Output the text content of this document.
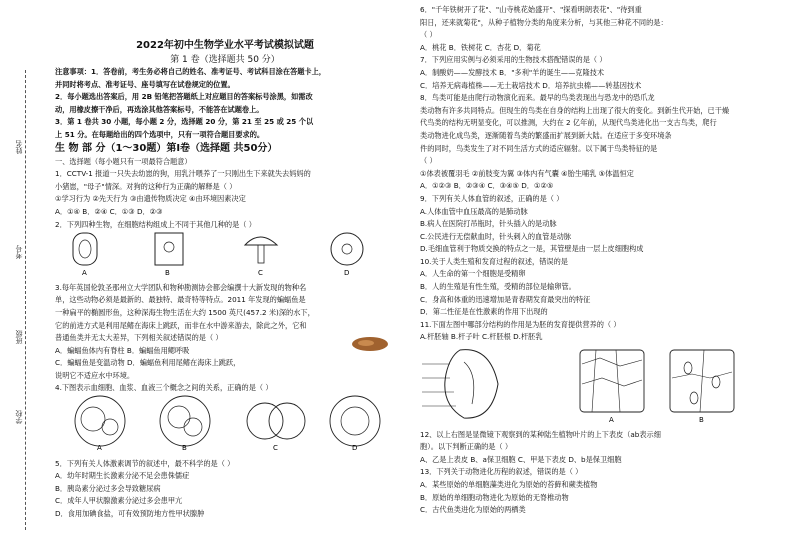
姓名
考号
班级
学校
2022年初中生物学业水平考试模拟试题
第 1 卷（选择题共 50 分）
注意事项：1．答卷前，考生务必将自己的姓名、准考证号、考试科目涂在答题卡上，
并同时将考点、准考证号、座号填写在试卷规定的位置。
2．每小题选出答案后，用 2B 铅笔把答题纸上对应题目的答案标号涂黑，如需改
动，用橡皮擦干净后，再选涂其他答案标号，不能答在试题卷上。
3．第 1 卷共 30 小题，每小题 2 分，选择题 20 分，第 21 至 25 或 25 个以
上 51 分。在每题给出的四个选项中，只有一项符合题目要求的。
生 物 部 分（1～30题）第Ⅰ卷（选择题 共50分）
一、选择题（每小题只有一项最符合题意）
1．CCTV-1 报道一只失去幼崽的狗，用乳汁喂养了一只刚出生下来就失去妈妈的
小猪崽，"母子"情深。对狗的这种行为正确的解释是（ ）
①学习行为 ②先天行为 ③由遗传物质决定 ④由环境因素决定
A．①④ B．②④ C．①③ D．②③
2．下列四种生物，在细胞结构组成上不同于其他几种的是（ ）
A	B	C	D
3.每年英国伦敦圣那州立大学团队和物种勘测协会都会编撰十大新发现的物种名
单，这些动物必须是最新的、最独特、最奇特等特点。2011 年发现的蝙蝠鱼是
一种扁平的椭圆形鱼，这种深海生物生活在大约 1500 英尺(457.2 米)深的水下，
它的前进方式是利用尾鳍在海床上跳跃，而非在水中游来游去，除此之外，它和
普通鱼类并无太大差异，下列相关叙述错误的是（ ）
A．蝙蝠鱼体内有脊柱 B．蝙蝠鱼用鳃呼吸
C．蝙蝠鱼是变温动物 D．蝙蝠鱼利用尾鳍在海床上跳跃，
说明它不适应水中环境。
4.下图表示血细胞、血浆、血液三个概念之间的关系，正确的是（ ）
A	B	C	D
5．下列有关人体激素调节的叙述中，最不科学的是（ ）
A．幼年时期生长激素分泌不足会患侏儒症
B．胰岛素分泌过多会导致糖尿病
C．成年人甲状腺激素分泌过多会患甲亢
D．食用加碘食盐，可有效预防地方性甲状腺肿
6．"千年铁树开了花"、"山寺桃花始盛开"、"探看明朗表花"、"待到重
阳日，还来就菊花"，从种子植物分类的角度来分析，与其他三种花不同的是：
（ ）
A．桃花 B．铁树花 C．杏花 D．菊花
7．下列应用实例与必须采用的生物技术搭配错误的是（ ）
A．制酸奶——发酵技术 B．"多利"羊的诞生——克隆技术
C．培养无病毒植株——无土栽培技术 D．培养抗虫棉——转基因技术
8．鸟类可能是由爬行动物演化而来。最早的鸟类表现出与恐龙中的恐爪龙
类动物有许多共同特点。但现生的鸟类在自身的结构上出现了很大的变化。到新生代开始，已干燥
代鸟类的结构无明显变化，可以推测，大约在 2 亿年前，从现代鸟类进化出一支古鸟类，爬行
类动物进化成鸟类，逐渐随着鸟类的繁盛而扩展到新大陆。在适应于多变环境条
件的同时，鸟类发生了对不同生活方式的适应辐射。以下属于鸟类特征的是
（ ）
①体表被覆羽毛 ②前肢变为翼 ③体内有气囊 ④胎生哺乳 ⑤体温恒定
A．①②③ B．②③④ C．③④⑤ D．①②⑤
9．下列有关人体血管的叙述，正确的是（ ）
A.人体血管中血压最高的是肺动脉
B.病人在医院打吊瓶时，针头插入的是动脉
C.公民进行无偿献血时，针头刺入的血管是动脉
D.毛细血管利于物质交换的特点之一是，其管壁是由一层上皮细胞构成
10.关于人类生殖和发育过程的叙述，错误的是
A．人生命的第一个细胞是受精卵
B．人的生殖是有性生殖，受精的部位是输卵管。
C．身高和体重的迅速增加是青春期发育最突出的特征
D．第二性征是在性激素的作用下出现的
11.下面左图中哪部分结构的作用是为胚的发育提供营养的（ ）
A.杆胚轴 B.杆子叶 C.杆胚根 D.杆胚乳
A	B
12、以上右图是显微镜下观察到的某种陆生植物叶片的上下表皮（ab表示细
胞）。以下判断正确的是（ ）
A、乙是上表皮 B、a保卫细胞 C、甲是下表皮 D、b是保卫细胞
13．下列关于动物进化历程的叙述，错误的是（ ）
A．某些原始的单细胞藻类进化为原始的苔藓和蕨类植物
B．原始的单细胞动物进化为原始的无脊椎动物
C．古代鱼类进化为原始的两栖类
